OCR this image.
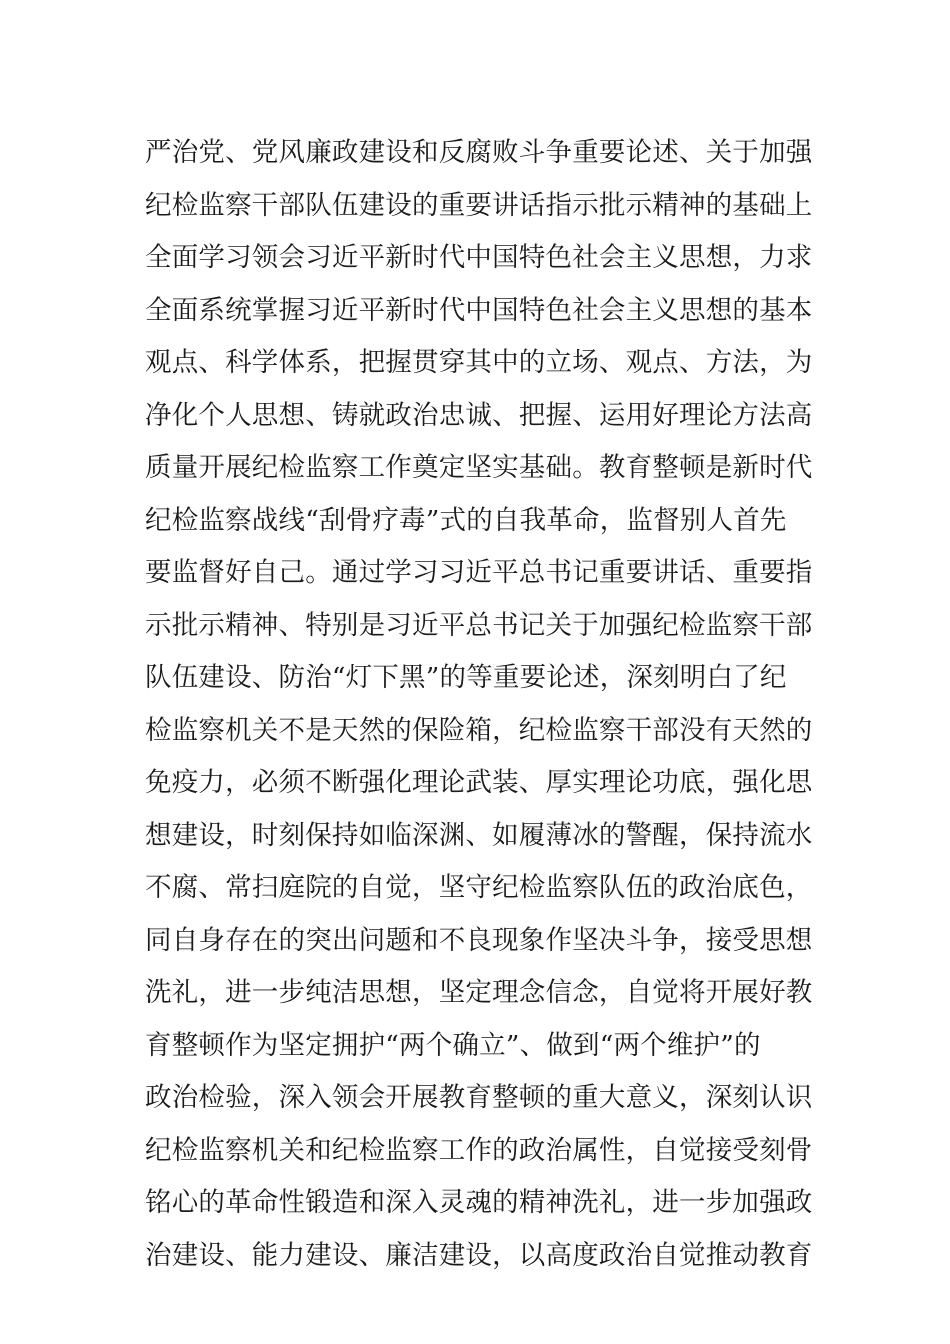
严治党、党风廉政建设和反腐败斗争重要论述、关于加强
纪检监察干部队伍建设的重要讲话指示批示精神的基础上
全面学习领会习近平新时代中国特色社会主义思想，力求
全面系统掌握习近平新时代中国特色社会主义思想的基本
观点、科学体系，把握贯穿其中的立场、观点、方法，为
净化个人思想、铸就政治忠诚、把握、运用好理论方法高
质量开展纪检监察工作奠定坚实基础。教育整顿是新时代
纪检监察战线“刮骨疗毒”式的自我革命，监督别人首先
要监督好自己。通过学习习近平总书记重要讲话、重要指
示批示精神、特别是习近平总书记关于加强纪检监察干部
队伍建设、防治“灯下黑”的等重要论述，深刻明白了纪
检监察机关不是天然的保险箱，纪检监察干部没有天然的
免疫力，必须不断强化理论武装、厚实理论功底，强化思
想建设，时刻保持如临深渊、如履薄冰的警醒，保持流水
不腐、常扫庭院的自觉，坚守纪检监察队伍的政治底色，
同自身存在的突出问题和不良现象作坚决斗争，接受思想
洗礼，进一步纯洁思想，坚定理念信念，自觉将开展好教
育整顿作为坚定拥护“两个确立”、做到“两个维护”的
政治检验，深入领会开展教育整顿的重大意义，深刻认识
纪检监察机关和纪检监察工作的政治属性，自觉接受刻骨
铭心的革命性锻造和深入灵魂的精神洗礼，进一步加强政
治建设、能力建设、廉洁建设，以高度政治自觉推动教育
